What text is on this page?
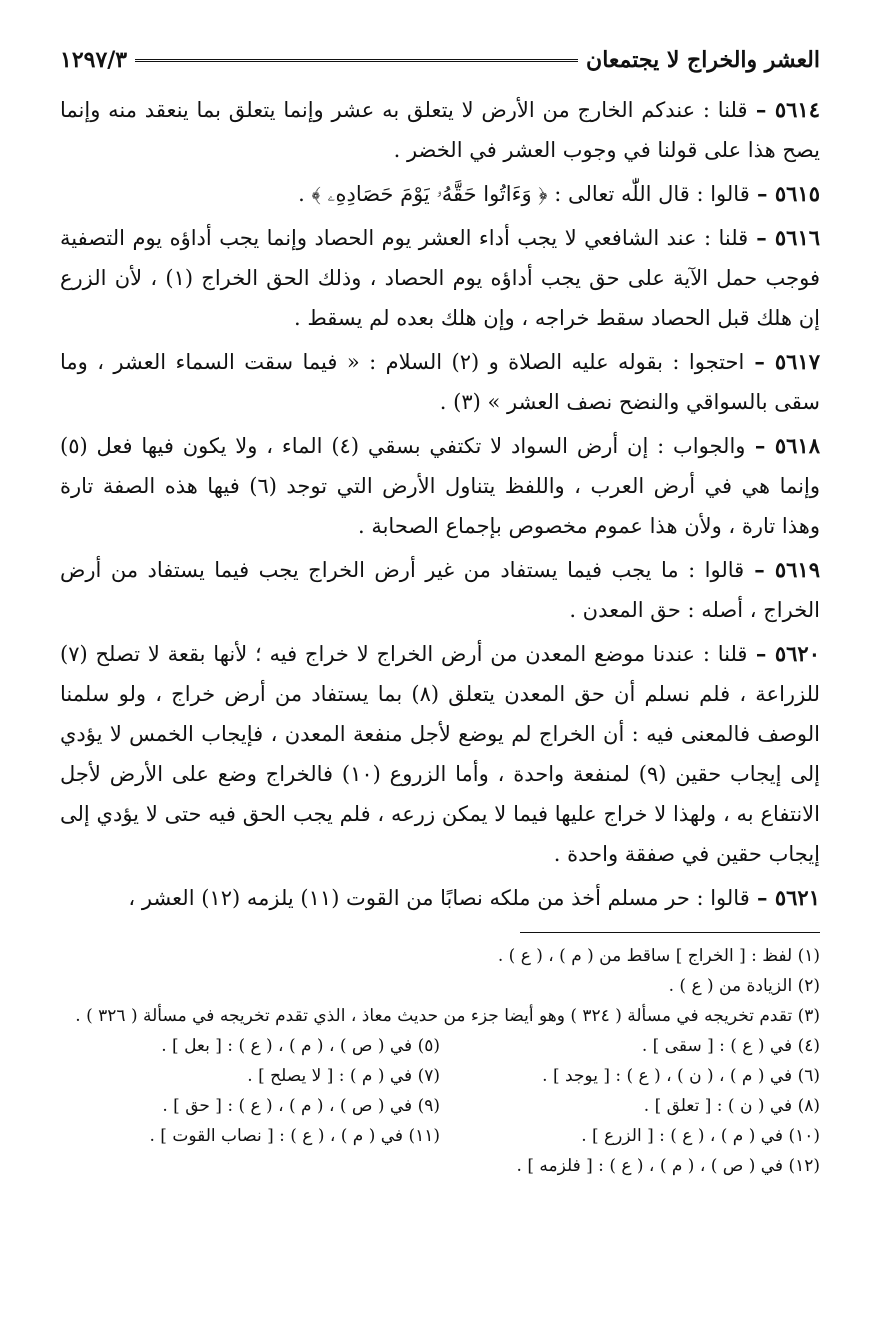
العشر والخراج لا يجتمعان
١٢٩٧/٣

٥٦١٤ – قلنا : عندكم الخارج من الأرض لا يتعلق به عشر وإنما يتعلق بما ينعقد منه وإنما يصح هذا على قولنا في وجوب العشر في الخضر .

٥٦١٥ – قالوا : قال اللّٰه تعالى : ﴿ وَءَاتُوا حَقَّهُۥ يَوْمَ حَصَادِهِۦ ﴾ .

٥٦١٦ – قلنا : عند الشافعي لا يجب أداء العشر يوم الحصاد وإنما يجب أداؤه يوم التصفية فوجب حمل الآية على حق يجب أداؤه يوم الحصاد ، وذلك الحق الخراج (١) ، لأن الزرع إن هلك قبل الحصاد سقط خراجه ، وإن هلك بعده لم يسقط .

٥٦١٧ – احتجوا : بقوله عليه الصلاة و (٢) السلام : « فيما سقت السماء العشر ، وما سقى بالسواقي والنضح نصف العشر » (٣) .

٥٦١٨ – والجواب : إن أرض السواد لا تكتفي بسقي (٤) الماء ، ولا يكون فيها فعل (٥) وإنما هي في أرض العرب ، واللفظ يتناول الأرض التي توجد (٦) فيها هذه الصفة تارة وهذا تارة ، ولأن هذا عموم مخصوص بإجماع الصحابة .

٥٦١٩ – قالوا : ما يجب فيما يستفاد من غير أرض الخراج يجب فيما يستفاد من أرض الخراج ، أصله : حق المعدن .

٥٦٢٠ – قلنا : عندنا موضع المعدن من أرض الخراج لا خراج فيه ؛ لأنها بقعة لا تصلح (٧) للزراعة ، فلم نسلم أن حق المعدن يتعلق (٨) بما يستفاد من أرض خراج ، ولو سلمنا الوصف فالمعنى فيه : أن الخراج لم يوضع لأجل منفعة المعدن ، فإيجاب الخمس لا يؤدي إلى إيجاب حقين (٩) لمنفعة واحدة ، وأما الزروع (١٠) فالخراج وضع على الأرض لأجل الانتفاع به ، ولهذا لا خراج عليها فيما لا يمكن زرعه ، فلم يجب الحق فيه حتى لا يؤدي إلى إيجاب حقين في صفقة واحدة .

٥٦٢١ – قالوا : حر مسلم أخذ من ملكه نصابًا من القوت (١١) يلزمه (١٢) العشر ،

(١) لفظ : [ الخراج ] ساقط من ( م ) ، ( ع ) .
(٢) الزيادة من ( ع ) .
(٣) تقدم تخريجه في مسألة ( ٣٢٤ ) وهو أيضا جزء من حديث معاذ ، الذي تقدم تخريجه في مسألة ( ٣٢٦ ) .
(٤) في ( ع ) : [ سقى ] .
(٥) في ( ص ) ، ( م ) ، ( ع ) : [ بعل ] .
(٦) في ( م ) ، ( ن ) ، ( ع ) : [ يوجد ] .
(٧) في ( م ) : [ لا يصلح ] .
(٨) في ( ن ) : [ تعلق ] .
(٩) في ( ص ) ، ( م ) ، ( ع ) : [ حق ] .
(١٠) في ( م ) ، ( ع ) : [ الزرع ] .
(١١) في ( م ) ، ( ع ) : [ نصاب القوت ] .
(١٢) في ( ص ) ، ( م ) ، ( ع ) : [ فلزمه ] .
